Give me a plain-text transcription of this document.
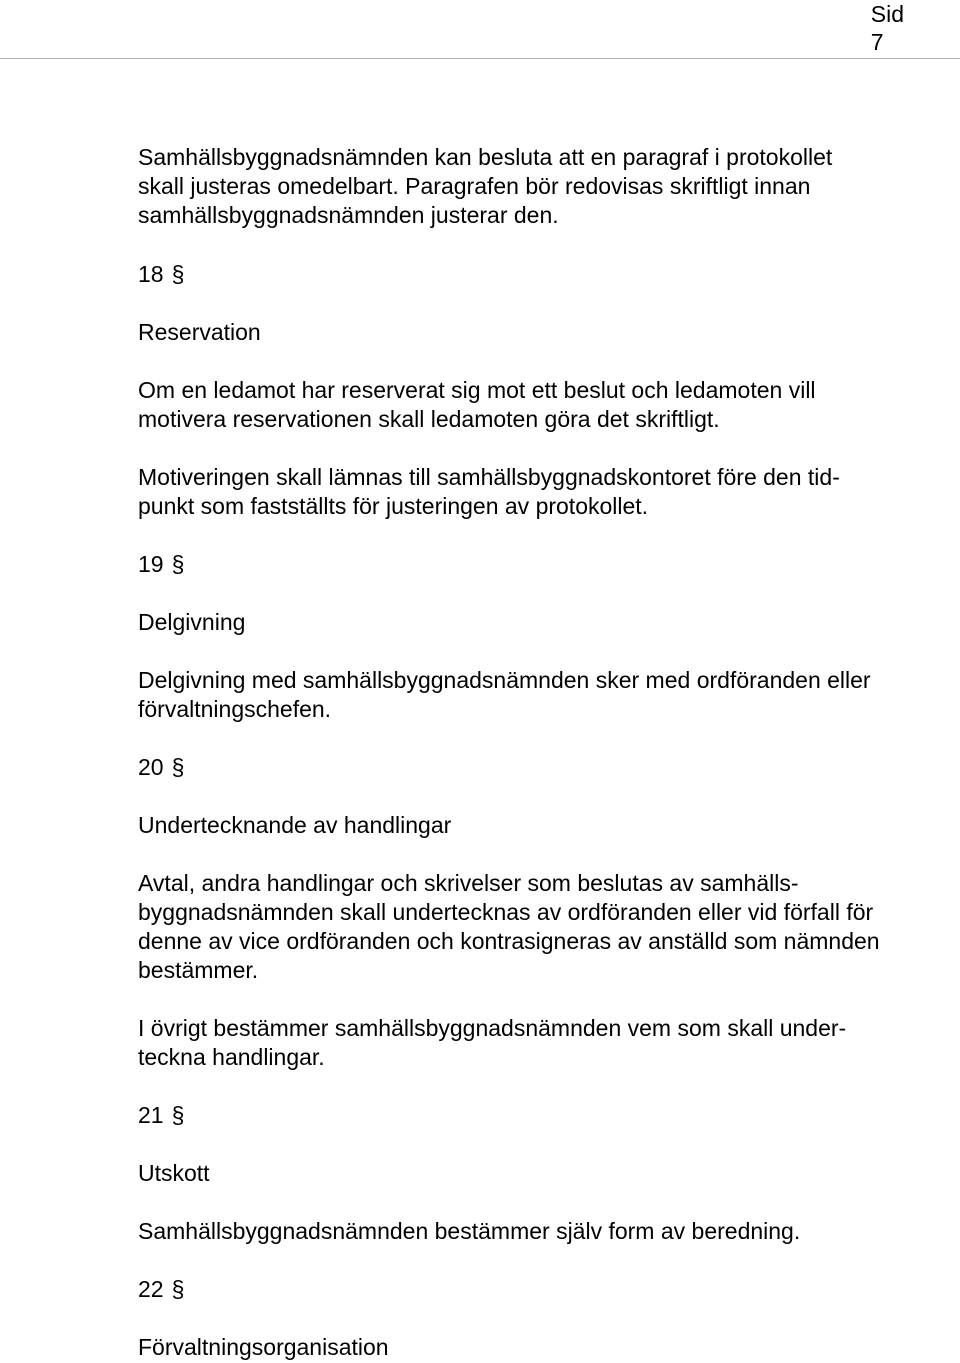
Sid
7
Samhällsbyggnadsnämnden kan besluta att en paragraf i protokollet
skall justeras omedelbart. Paragrafen bör redovisas skriftligt innan
samhällsbyggnadsnämnden justerar den.
18 §
Reservation
Om en ledamot har reserverat sig mot ett beslut och ledamoten vill
motivera reservationen skall ledamoten göra det skriftligt.
Motiveringen skall lämnas till samhällsbyggnadskontoret före den tid-
punkt som fastställts för justeringen av protokollet.
19 §
Delgivning
Delgivning med samhällsbyggnadsnämnden sker med ordföranden eller
förvaltningschefen.
20 §
Undertecknande av handlingar
Avtal, andra handlingar och skrivelser som beslutas av samhälls-
byggnadsnämnden skall undertecknas av ordföranden eller vid förfall för
denne av vice ordföranden och kontrasigneras av anställd som nämnden
bestämmer.
I övrigt bestämmer samhällsbyggnadsnämnden vem som skall under-
teckna handlingar.
21 §
Utskott
Samhällsbyggnadsnämnden bestämmer själv form av beredning.
22 §
Förvaltningsorganisation
